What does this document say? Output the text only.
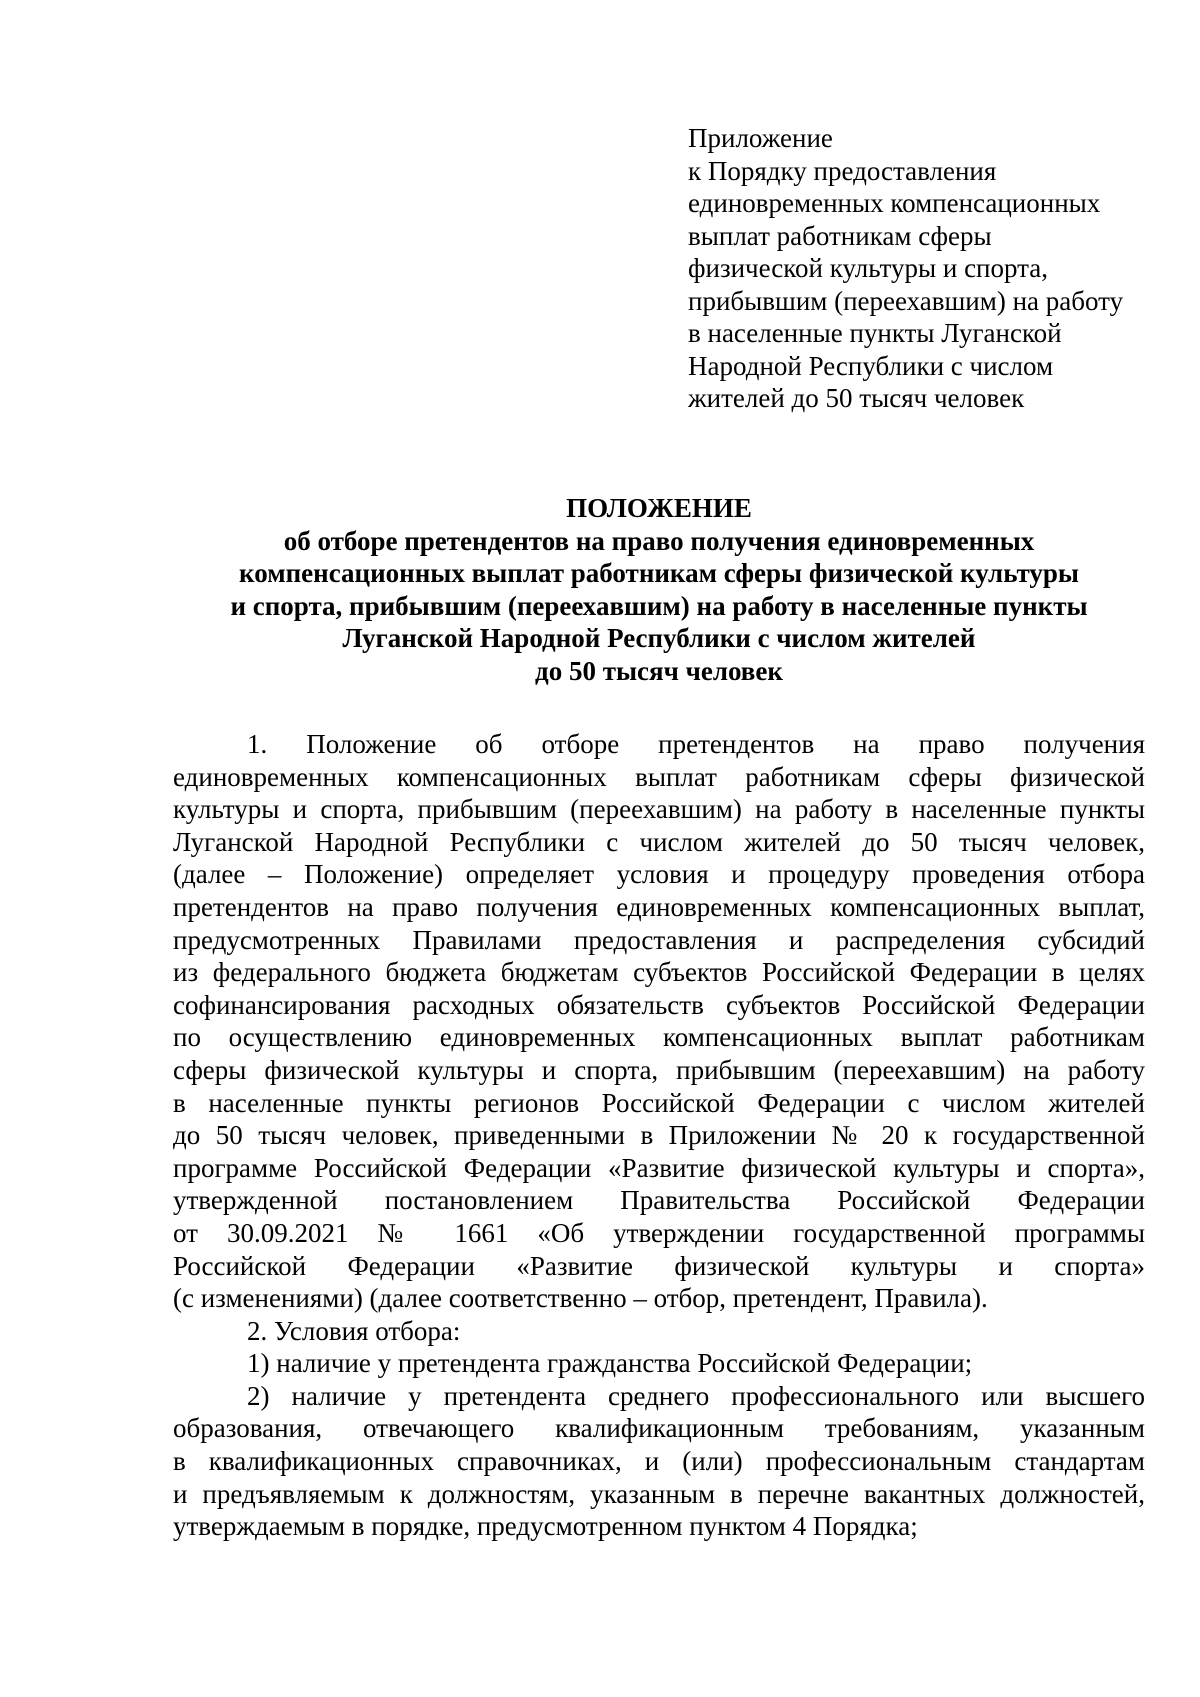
Приложение
к Порядку предоставления
единовременных компенсационных
выплат работникам сферы
физической культуры и спорта,
прибывшим (переехавшим) на работу
в населенные пункты Луганской
Народной Республики с числом
жителей до 50 тысяч человек
ПОЛОЖЕНИЕ
об отборе претендентов на право получения единовременных
компенсационных выплат работникам сферы физической культуры
и спорта, прибывшим (переехавшим) на работу в населенные пункты
Луганской Народной Республики с числом жителей
до 50 тысяч человек
1. Положение об отборе претендентов на право получения
единовременных компенсационных выплат работникам сферы физической
культуры и спорта, прибывшим (переехавшим) на работу в населенные пункты
Луганской Народной Республики с числом жителей до 50 тысяч человек,
(далее – Положение) определяет условия и процедуру проведения отбора
претендентов на право получения единовременных компенсационных выплат,
предусмотренных Правилами предоставления и распределения субсидий
из федерального бюджета бюджетам субъектов Российской Федерации в целях
софинансирования расходных обязательств субъектов Российской Федерации
по осуществлению единовременных компенсационных выплат работникам
сферы физической культуры и спорта, прибывшим (переехавшим) на работу
в населенные пункты регионов Российской Федерации с числом жителей
до 50 тысяч человек, приведенными в Приложении № 20 к государственной
программе Российской Федерации «Развитие физической культуры и спорта»,
утвержденной постановлением Правительства Российской Федерации
от 30.09.2021 № 1661 «Об утверждении государственной программы
Российской Федерации «Развитие физической культуры и спорта»
(с изменениями) (далее соответственно – отбор, претендент, Правила).
2. Условия отбора:
1) наличие у претендента гражданства Российской Федерации;
2) наличие у претендента среднего профессионального или высшего
образования, отвечающего квалификационным требованиям, указанным
в квалификационных справочниках, и (или) профессиональным стандартам
и предъявляемым к должностям, указанным в перечне вакантных должностей,
утверждаемым в порядке, предусмотренном пунктом 4 Порядка;
